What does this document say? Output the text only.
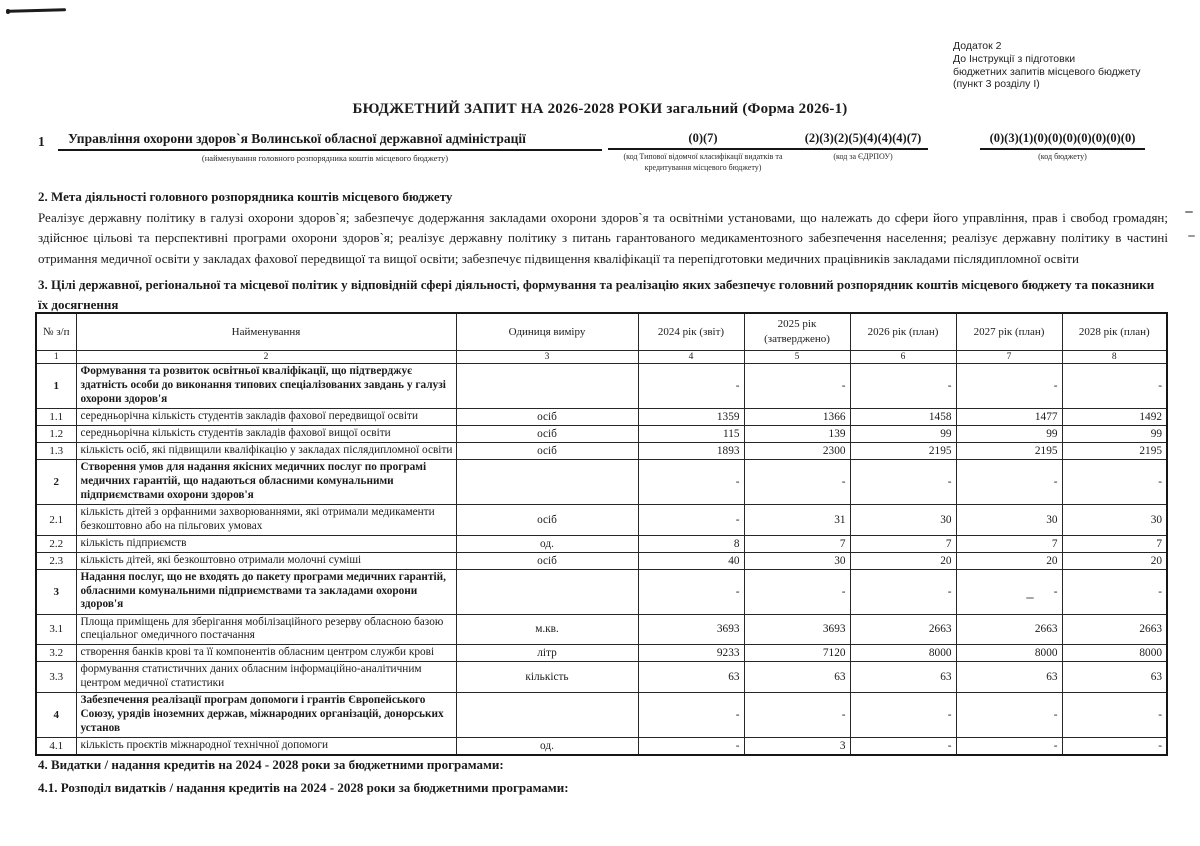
Додаток 2
До Інструкції з підготовки
бюджетних запитів місцевого бюджету
(пункт 3 розділу І)
БЮДЖЕТНИЙ ЗАПИТ НА 2026-2028 РОКИ загальний (Форма 2026-1)
1	Управління охорони здоров`я Волинської обласної державної адміністрації
(найменування головного розпорядника коштів місцевого бюджету)
(0)(7)
(код Типової відомчої класифікації видатків та кредитування місцевого бюджету)
(2)(3)(2)(5)(4)(4)(4)(7)
(код за ЄДРПОУ)
(0)(3)(1)(0)(0)(0)(0)(0)(0)(0)
(код бюджету)
2. Мета діяльності головного розпорядника коштів місцевого бюджету
Реалізує державну політику в галузі охорони здоров`я; забезпечує додержання закладами охорони здоров`я та освітніми установами, що належать до сфери його управління, прав і свобод громадян; здійснює цільові та перспективні програми охорони здоров`я; реалізує державну політику з питань гарантованого медикаментозного забезпечення населення; реалізує державну політику в частині отримання медичної освіти у закладах фахової передвищої та вищої освіти; забезпечує підвищення кваліфікації та перепідготовки медичних працівників закладами післядипломної освіти
3. Цілі державної, регіональної та місцевої політик у відповідній сфері діяльності, формування та реалізацію яких забезпечує головний розпорядник коштів місцевого бюджету та показники їх досягнення
№ з/п	Найменування	Одиниця виміру	2024 рік (звіт)	2025 рік (затверджено)	2026 рік (план)	2027 рік (план)	2028 рік (план)
1	2	3	4	5	6	7	8
1	Формування та розвиток освітньої кваліфікації, що підтверджує здатність особи до виконання типових спеціалізованих завдань у галузі охорони здоров'я		-	-	-	-	-
1.1	середньорічна кількість студентів закладів фахової передвищої освіти	осіб	1359	1366	1458	1477	1492
1.2	середньорічна кількість студентів закладів фахової вищої освіти	осіб	115	139	99	99	99
1.3	кількість осіб, які підвищили кваліфікацію у закладах післядипломної освіти	осіб	1893	2300	2195	2195	2195
2	Створення умов для надання якісних медичних послуг по програмі медичних гарантій, що надаються обласними комунальними підприємствами охорони здоров'я		-	-	-	-	-
2.1	кількість дітей з орфанними захворюваннями, які отримали медикаменти безкоштовно або на пільгових умовах	осіб	-	31	30	30	30
2.2	кількість підприємств	од.	8	7	7	7	7
2.3	кількість дітей, які безкоштовно отримали молочні суміші	осіб	40	30	20	20	20
3	Надання послуг, що не входять до пакету програми медичних гарантій, обласними комунальними підприємствами та закладами охорони здоров'я		-	-	-	-	-
3.1	Площа приміщень для зберігання мобілізаційного резерву обласною базою спеціальног омедичного постачання	м.кв.	3693	3693	2663	2663	2663
3.2	створення банків крові та її компонентів обласним центром служби крові	літр	9233	7120	8000	8000	8000
3.3	формування статистичних даних обласним інформаційно-аналітичним центром медичної статистики	кількість	63	63	63	63	63
4	Забезпечення реалізації програм допомоги і грантів Європейського Союзу, урядів іноземних держав, міжнародних організацій, донорських установ		-	-	-	-	-
4.1	кількість проєктів міжнародної технічної допомоги	од.	-	3	-	-	-
4. Видатки / надання кредитів на 2024 - 2028 роки за бюджетними програмами:
4.1. Розподіл видатків / надання кредитів на 2024 - 2028 роки за бюджетними програмами:
